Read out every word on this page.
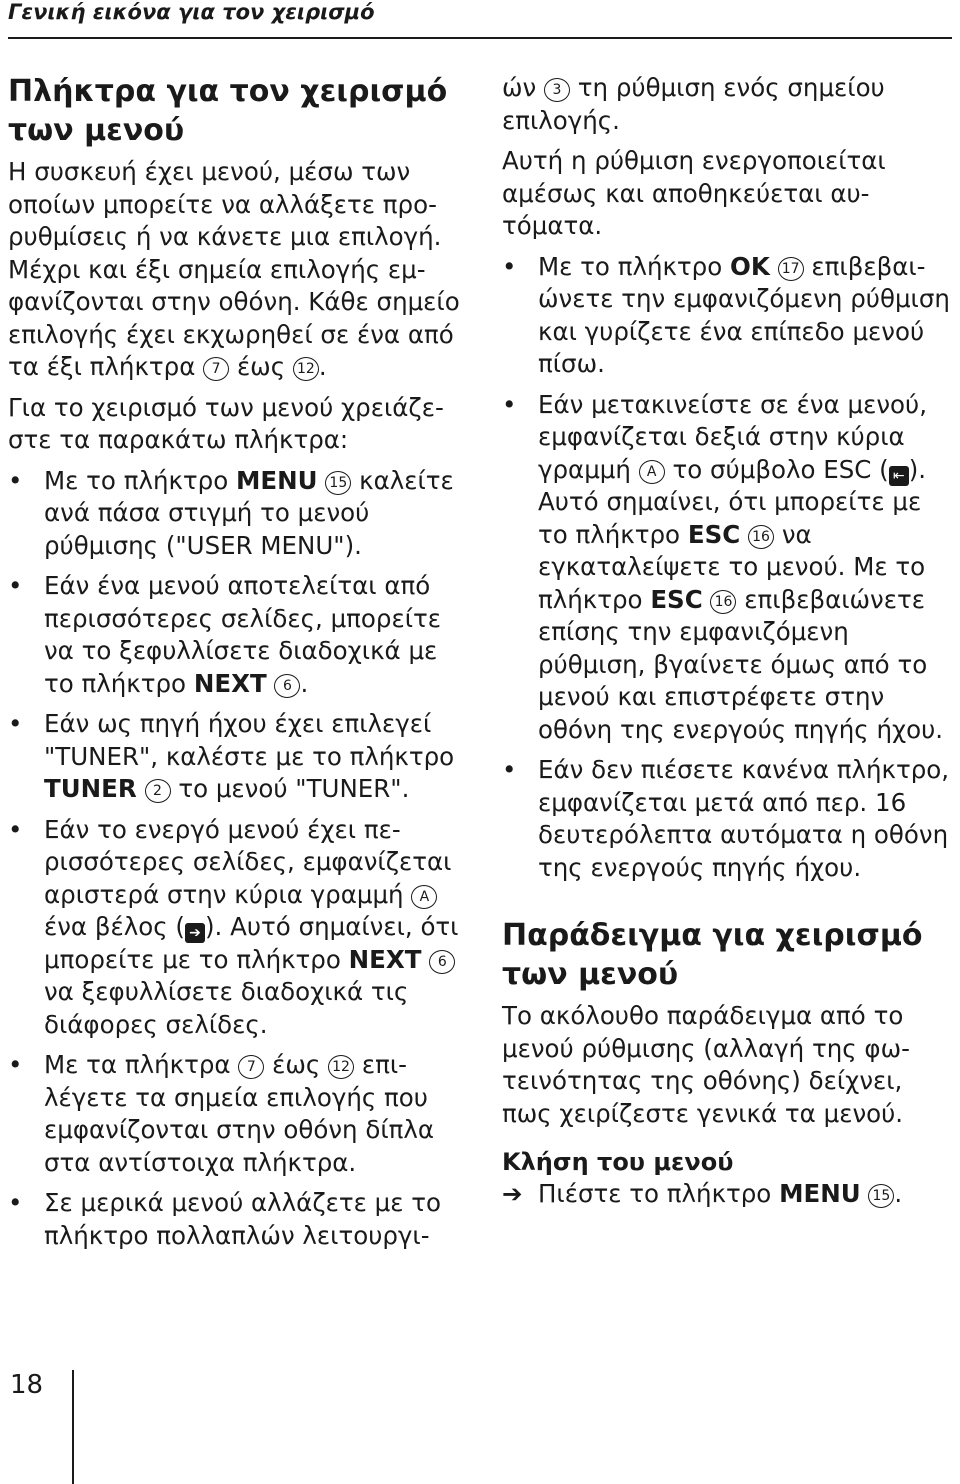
Γενική εικόνα για τον χειρισμό
Πλήκτρα για τον χειρισμό των μενού

Η συσκευή έχει μενού, μέσω των οποίων μπορείτε να αλλάξετε προρυθμίσεις ή να κάνετε μια επιλογή. Μέχρι και έξι σημεία επιλογής εμφανίζονται στην οθόνη. Κάθε σημείο επιλογής έχει εκχωρηθεί σε ένα από τα έξι πλήκτρα 7 έως 12 .

Για το χειρισμό των μενού χρειάζεστε τα παρακάτω πλήκτρα:

• Με το πλήκτρο MENU 15 καλείτε ανά πάσα στιγμή το μενού ρύθμισης ("USER MENU").
• Εάν ένα μενού αποτελείται από περισσότερες σελίδες, μπορείτε να το ξεφυλλίσετε διαδοχικά με το πλήκτρο NEXT 6 .
• Εάν ως πηγή ήχου έχει επιλεγεί "TUNER", καλέστε με το πλήκτρο TUNER 2 το μενού "TUNER".
• Εάν το ενεργό μενού έχει περισσότερες σελίδες, εμφανίζεται αριστερά στην κύρια γραμμή A ένα βέλος ( ➔ ). Αυτό σημαίνει, ότι μπορείτε με το πλήκτρο NEXT 6 να ξεφυλλίσετε διαδοχικά τις διάφορες σελίδες.
• Με τα πλήκτρα 7 έως 12 επιλέγετε τα σημεία επιλογής που εμφανίζονται στην οθόνη δίπλα στα αντίστοιχα πλήκτρα.
• Σε μερικά μενού αλλάζετε με το πλήκτρο πολλαπλών λειτουργι-

ών 3 τη ρύθμιση ενός σημείου επιλογής.

Αυτή η ρύθμιση ενεργοποιείται αμέσως και αποθηκεύεται αυτόματα.

• Με το πλήκτρο OK 17 επιβεβαιώνετε την εμφανιζόμενη ρύθμιση και γυρίζετε ένα επίπεδο μενού πίσω.
• Εάν μετακινείστε σε ένα μενού, εμφανίζεται δεξιά στην κύρια γραμμή A το σύμβολο ESC ( ⇤ ). Αυτό σημαίνει, ότι μπορείτε με το πλήκτρο ESC 16 να εγκαταλείψετε το μενού. Με το πλήκτρο ESC 16 επιβεβαιώνετε επίσης την εμφανιζόμενη ρύθμιση, βγαίνετε όμως από το μενού και επιστρέφετε στην οθόνη της ενεργούς πηγής ήχου.
• Εάν δεν πιέσετε κανένα πλήκτρο, εμφανίζεται μετά από περ. 16 δευτερόλεπτα αυτόματα η οθόνη της ενεργούς πηγής ήχου.
Παράδειγμα για χειρισμό των μενού

Το ακόλουθο παράδειγμα από το μενού ρύθμισης (αλλαγή της φωτεινότητας της οθόνης) δείχνει, πως χειρίζεστε γενικά τα μενού.

Κλήση του μενού

➔ Πιέστε το πλήκτρο MENU 15 .

18
